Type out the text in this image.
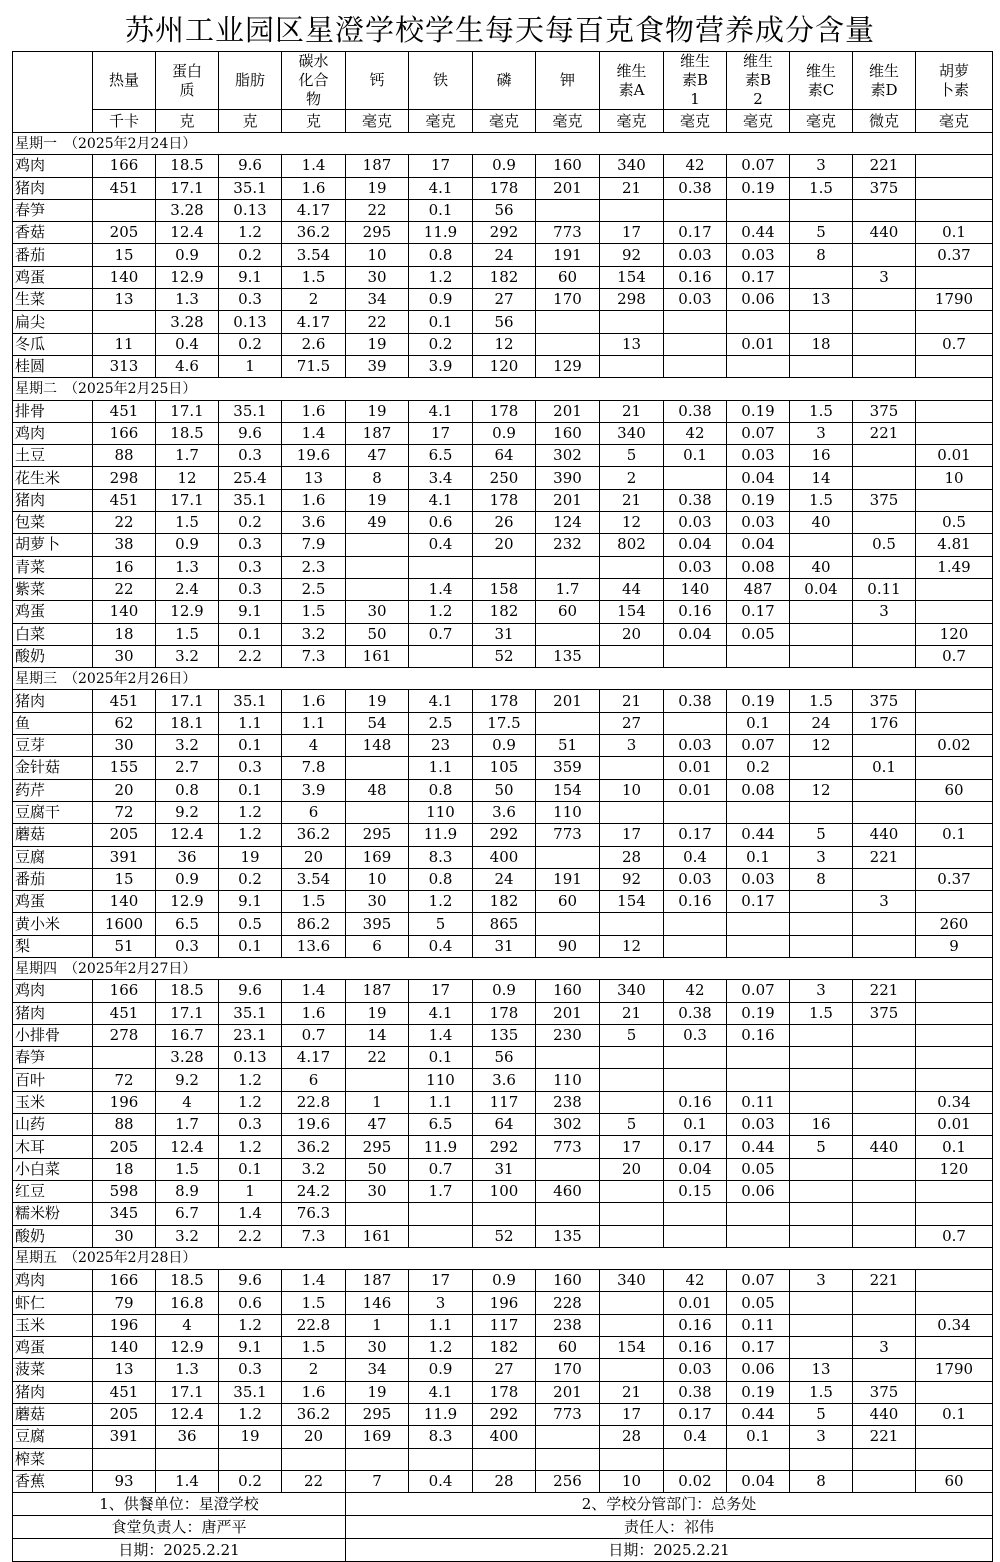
苏州工业园区星澄学校学生每天每百克食物营养成分含量

	热量	蛋白质	脂肪	碳水化合物	钙	铁	磷	钾	维生素A	维生素B1	维生素B2	维生素C	维生素D	胡萝卜素

	千卡	克	克	克	毫克	毫克	毫克	毫克	毫克	毫克	毫克	毫克	微克	毫克
星期一　（2025年2月24日）														
鸡肉	166	18.5	9.6	1.4	187	17	0.9	160	340	42	0.07	3	221	
猪肉	451	17.1	35.1	1.6	19	4.1	178	201	21	0.38	0.19	1.5	375	
春笋		3.28	0.13	4.17	22	0.1	56							
香菇	205	12.4	1.2	36.2	295	11.9	292	773	17	0.17	0.44	5	440	0.1
番茄	15	0.9	0.2	3.54	10	0.8	24	191	92	0.03	0.03	8		0.37
鸡蛋	140	12.9	9.1	1.5	30	1.2	182	60	154	0.16	0.17		3	
生菜	13	1.3	0.3	2	34	0.9	27	170	298	0.03	0.06	13		1790
扁尖		3.28	0.13	4.17	22	0.1	56							
冬瓜	11	0.4	0.2	2.6	19	0.2	12		13		0.01	18		0.7
桂圆	313	4.6	1	71.5	39	3.9	120	129						
星期二　（2025年2月25日）														
排骨	451	17.1	35.1	1.6	19	4.1	178	201	21	0.38	0.19	1.5	375	
鸡肉	166	18.5	9.6	1.4	187	17	0.9	160	340	42	0.07	3	221	
土豆	88	1.7	0.3	19.6	47	6.5	64	302	5	0.1	0.03	16		0.01
花生米	298	12	25.4	13	8	3.4	250	390	2		0.04	14		10
猪肉	451	17.1	35.1	1.6	19	4.1	178	201	21	0.38	0.19	1.5	375	
包菜	22	1.5	0.2	3.6	49	0.6	26	124	12	0.03	0.03	40		0.5
胡萝卜	38	0.9	0.3	7.9		0.4	20	232	802	0.04	0.04		0.5	4.81
青菜	16	1.3	0.3	2.3						0.03	0.08	40		1.49
紫菜	22	2.4	0.3	2.5		1.4	158	1.7	44	140	487	0.04	0.11	
鸡蛋	140	12.9	9.1	1.5	30	1.2	182	60	154	0.16	0.17		3	
白菜	18	1.5	0.1	3.2	50	0.7	31		20	0.04	0.05			120
酸奶	30	3.2	2.2	7.3	161		52	135						0.7
星期三　（2025年2月26日）														
猪肉	451	17.1	35.1	1.6	19	4.1	178	201	21	0.38	0.19	1.5	375	
鱼	62	18.1	1.1	1.1	54	2.5	17.5		27		0.1	24	176	
豆芽	30	3.2	0.1	4	148	23	0.9	51	3	0.03	0.07	12		0.02
金针菇	155	2.7	0.3	7.8		1.1	105	359		0.01	0.2		0.1	
药芹	20	0.8	0.1	3.9	48	0.8	50	154	10	0.01	0.08	12		60
豆腐干	72	9.2	1.2	6		110	3.6	110						
蘑菇	205	12.4	1.2	36.2	295	11.9	292	773	17	0.17	0.44	5	440	0.1
豆腐	391	36	19	20	169	8.3	400		28	0.4	0.1	3	221	
番茄	15	0.9	0.2	3.54	10	0.8	24	191	92	0.03	0.03	8		0.37
鸡蛋	140	12.9	9.1	1.5	30	1.2	182	60	154	0.16	0.17		3	
黄小米	1600	6.5	0.5	86.2	395	5	865							260
梨	51	0.3	0.1	13.6	6	0.4	31	90	12					9
星期四　（2025年2月27日）														
鸡肉	166	18.5	9.6	1.4	187	17	0.9	160	340	42	0.07	3	221	
猪肉	451	17.1	35.1	1.6	19	4.1	178	201	21	0.38	0.19	1.5	375	
小排骨	278	16.7	23.1	0.7	14	1.4	135	230	5	0.3	0.16			
春笋		3.28	0.13	4.17	22	0.1	56							
百叶	72	9.2	1.2	6		110	3.6	110						
玉米	196	4	1.2	22.8	1	1.1	117	238		0.16	0.11			0.34
山药	88	1.7	0.3	19.6	47	6.5	64	302	5	0.1	0.03	16		0.01
木耳	205	12.4	1.2	36.2	295	11.9	292	773	17	0.17	0.44	5	440	0.1
小白菜	18	1.5	0.1	3.2	50	0.7	31		20	0.04	0.05			120
红豆	598	8.9	1	24.2	30	1.7	100	460		0.15	0.06			
糯米粉	345	6.7	1.4	76.3										
酸奶	30	3.2	2.2	7.3	161		52	135						0.7
星期五　（2025年2月28日）														
鸡肉	166	18.5	9.6	1.4	187	17	0.9	160	340	42	0.07	3	221	
虾仁	79	16.8	0.6	1.5	146	3	196	228		0.01	0.05			
玉米	196	4	1.2	22.8	1	1.1	117	238		0.16	0.11			0.34
鸡蛋	140	12.9	9.1	1.5	30	1.2	182	60	154	0.16	0.17		3	
菠菜	13	1.3	0.3	2	34	0.9	27	170		0.03	0.06	13		1790
猪肉	451	17.1	35.1	1.6	19	4.1	178	201	21	0.38	0.19	1.5	375	
蘑菇	205	12.4	1.2	36.2	295	11.9	292	773	17	0.17	0.44	5	440	0.1
豆腐	391	36	19	20	169	8.3	400		28	0.4	0.1	3	221	
榨菜														
香蕉	93	1.4	0.2	22	7	0.4	28	256	10	0.02	0.04	8		60
1、供餐单位：星澄学校					2、学校分管部门：总务处									
食堂负责人：唐严平					责任人：祁伟									
日期：2025.2.21					日期：2025.2.21									
